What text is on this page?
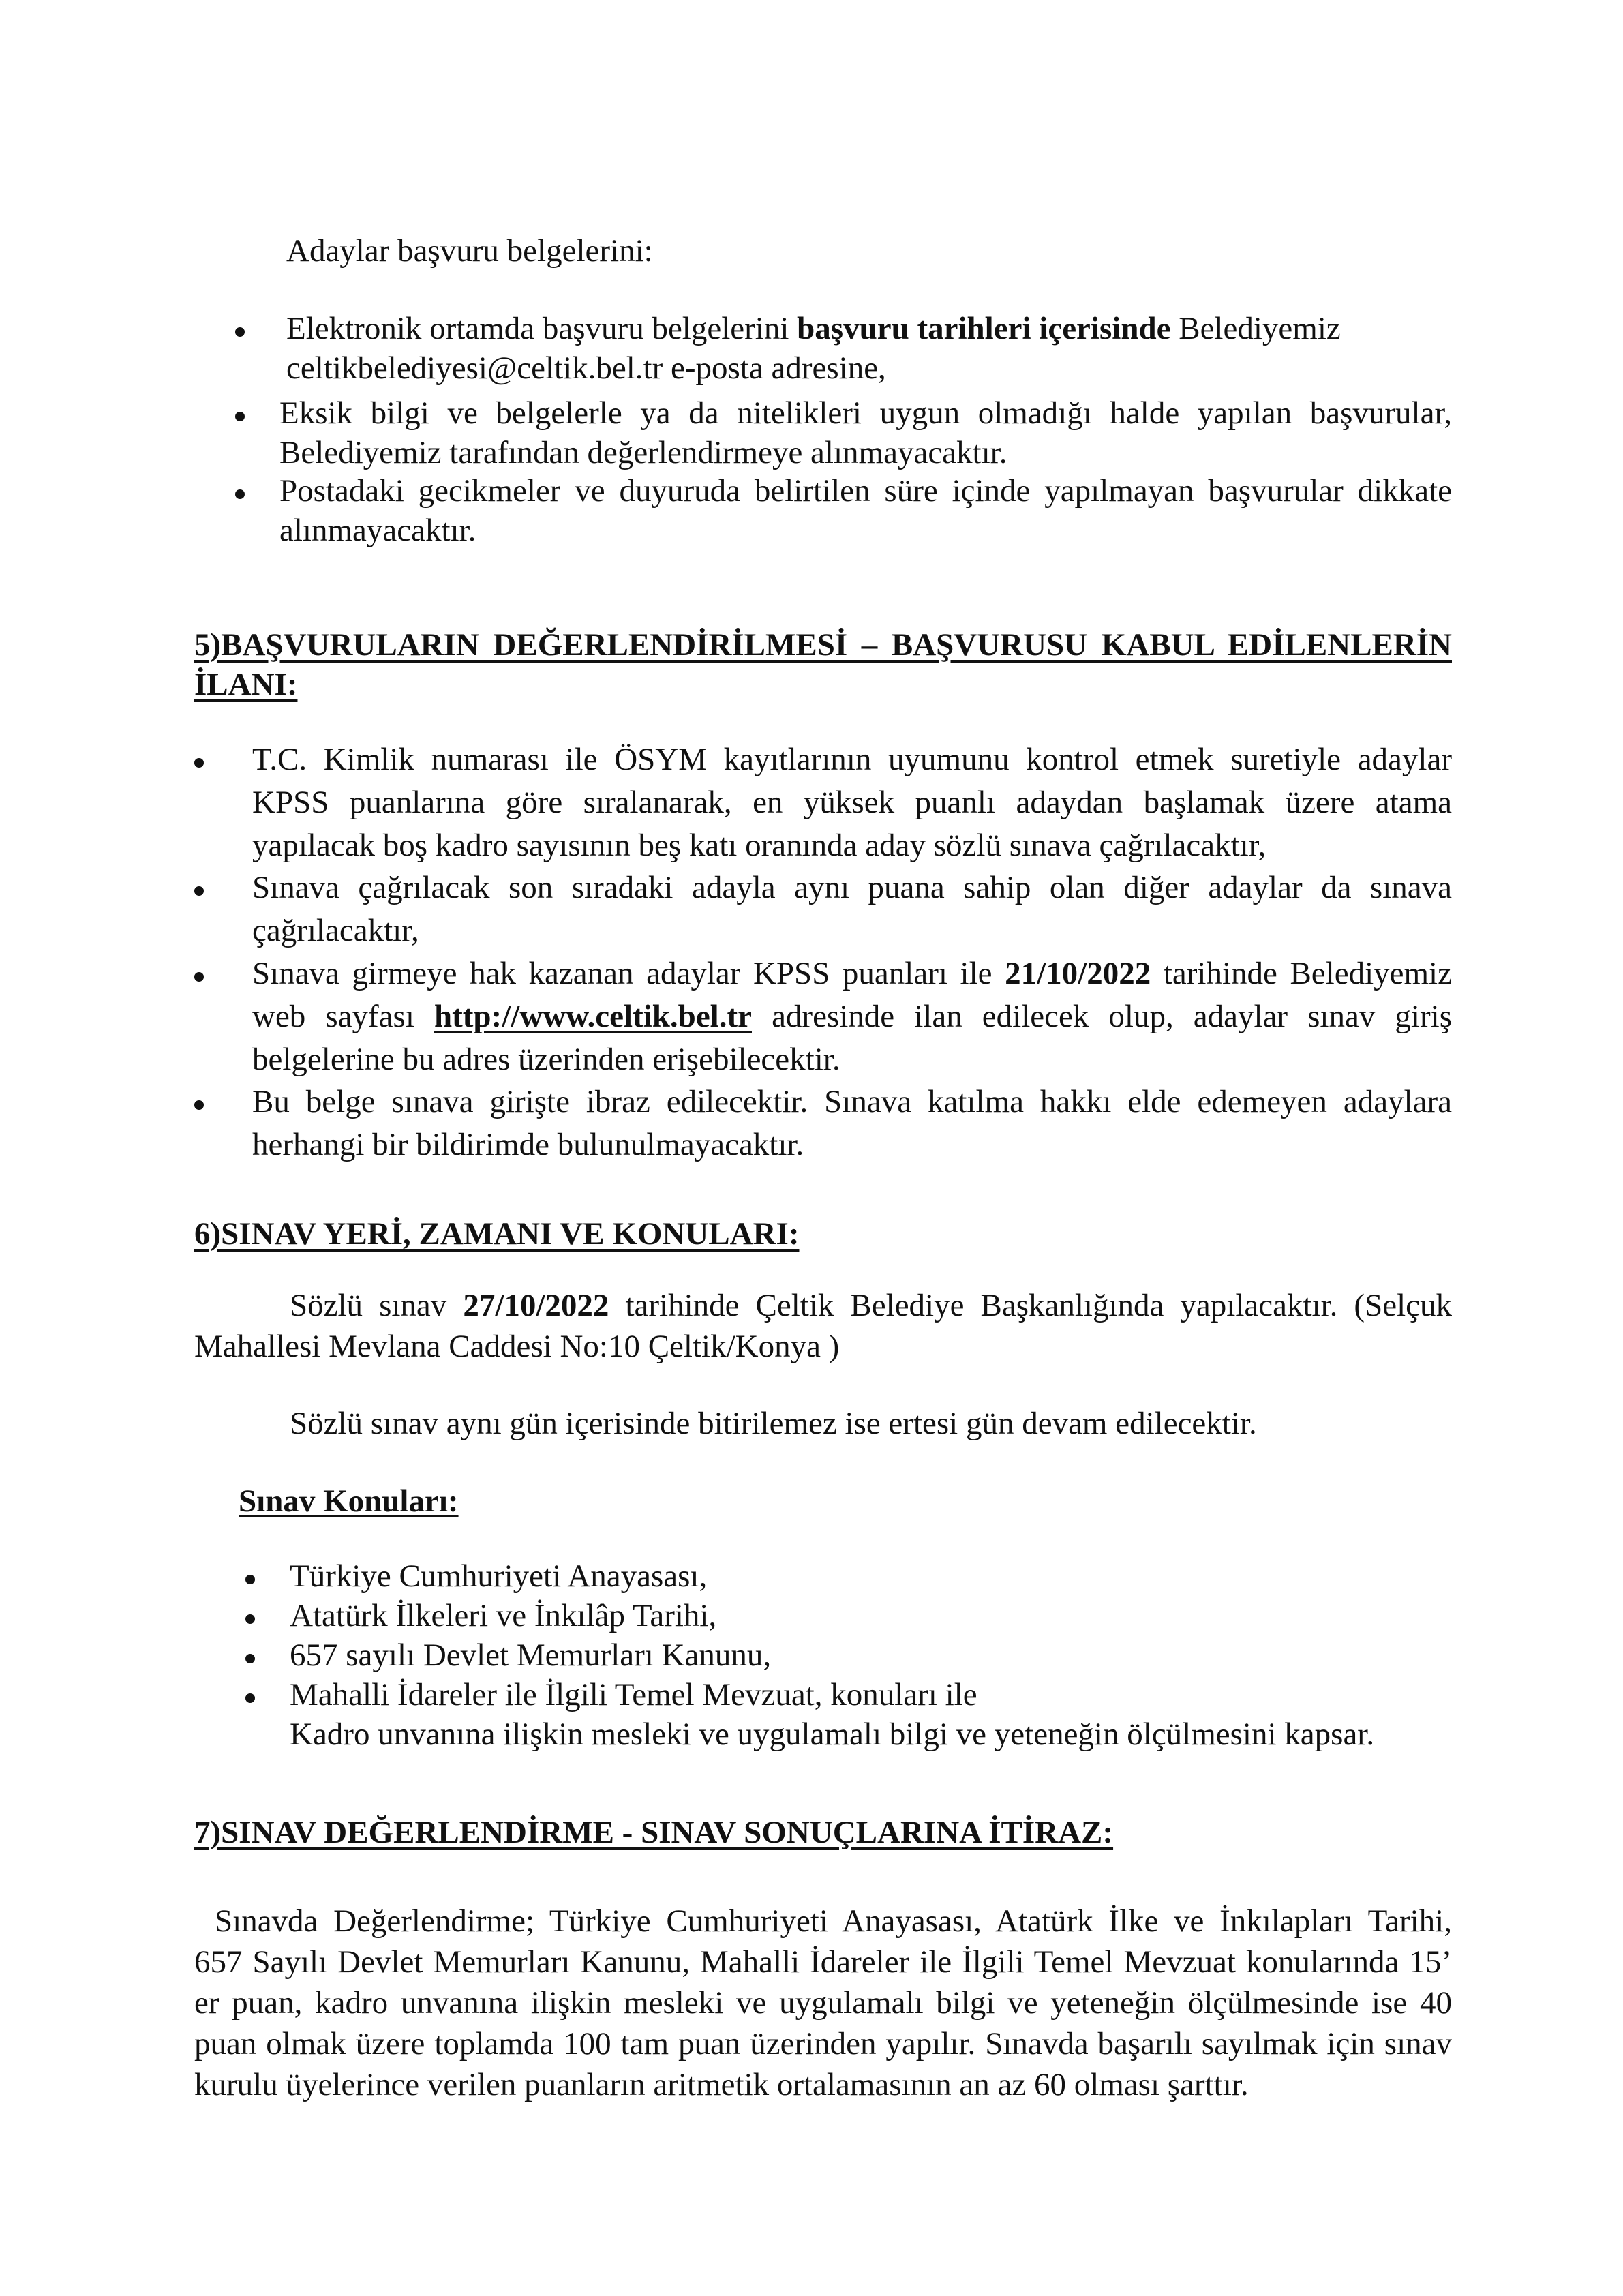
Adaylar başvuru belgelerini:

Elektronik ortamda başvuru belgelerini başvuru tarihleri içerisinde Belediyemiz

celtikbelediyesi@celtik.bel.tr e-posta adresine,

Eksik bilgi ve belgelerle ya da nitelikleri uygun olmadığı halde yapılan başvurular,

Belediyemiz tarafından değerlendirmeye alınmayacaktır.

Postadaki gecikmeler ve duyuruda belirtilen süre içinde yapılmayan başvurular dikkate

alınmayacaktır.

5)BAŞVURULARIN DEĞERLENDİRİLMESİ – BAŞVURUSU KABUL EDİLENLERİN

İLANI:

T.C. Kimlik numarası ile ÖSYM kayıtlarının uyumunu kontrol etmek suretiyle adaylar

KPSS puanlarına göre sıralanarak, en yüksek puanlı adaydan başlamak üzere atama

yapılacak boş kadro sayısının beş katı oranında aday sözlü sınava çağrılacaktır,

Sınava çağrılacak son sıradaki adayla aynı puana sahip olan diğer adaylar da sınava

çağrılacaktır,

Sınava girmeye hak kazanan adaylar KPSS puanları ile 21/10/2022 tarihinde Belediyemiz

web sayfası http://www.celtik.bel.tr adresinde ilan edilecek olup, adaylar sınav giriş

belgelerine bu adres üzerinden erişebilecektir.

Bu belge sınava girişte ibraz edilecektir. Sınava katılma hakkı elde edemeyen adaylara

herhangi bir bildirimde bulunulmayacaktır.

6)SINAV YERİ, ZAMANI VE KONULARI:

Sözlü sınav 27/10/2022 tarihinde Çeltik Belediye Başkanlığında yapılacaktır. (Selçuk

Mahallesi Mevlana Caddesi No:10 Çeltik/Konya )

Sözlü sınav aynı gün içerisinde bitirilemez ise ertesi gün devam edilecektir.

Sınav Konuları:

Türkiye Cumhuriyeti Anayasası,

Atatürk İlkeleri ve İnkılâp Tarihi,

657 sayılı Devlet Memurları Kanunu,

Mahalli İdareler ile İlgili Temel Mevzuat, konuları ile

Kadro unvanına ilişkin mesleki ve uygulamalı bilgi ve yeteneğin ölçülmesini kapsar.

7)SINAV DEĞERLENDİRME - SINAV SONUÇLARINA İTİRAZ:

Sınavda Değerlendirme; Türkiye Cumhuriyeti Anayasası, Atatürk İlke ve İnkılapları Tarihi,

657 Sayılı Devlet Memurları Kanunu, Mahalli İdareler ile İlgili Temel Mevzuat konularında 15’

er puan, kadro unvanına ilişkin mesleki ve uygulamalı bilgi ve yeteneğin ölçülmesinde ise 40

puan olmak üzere toplamda 100 tam puan üzerinden yapılır. Sınavda başarılı sayılmak için sınav

kurulu üyelerince verilen puanların aritmetik ortalamasının an az 60 olması şarttır.
